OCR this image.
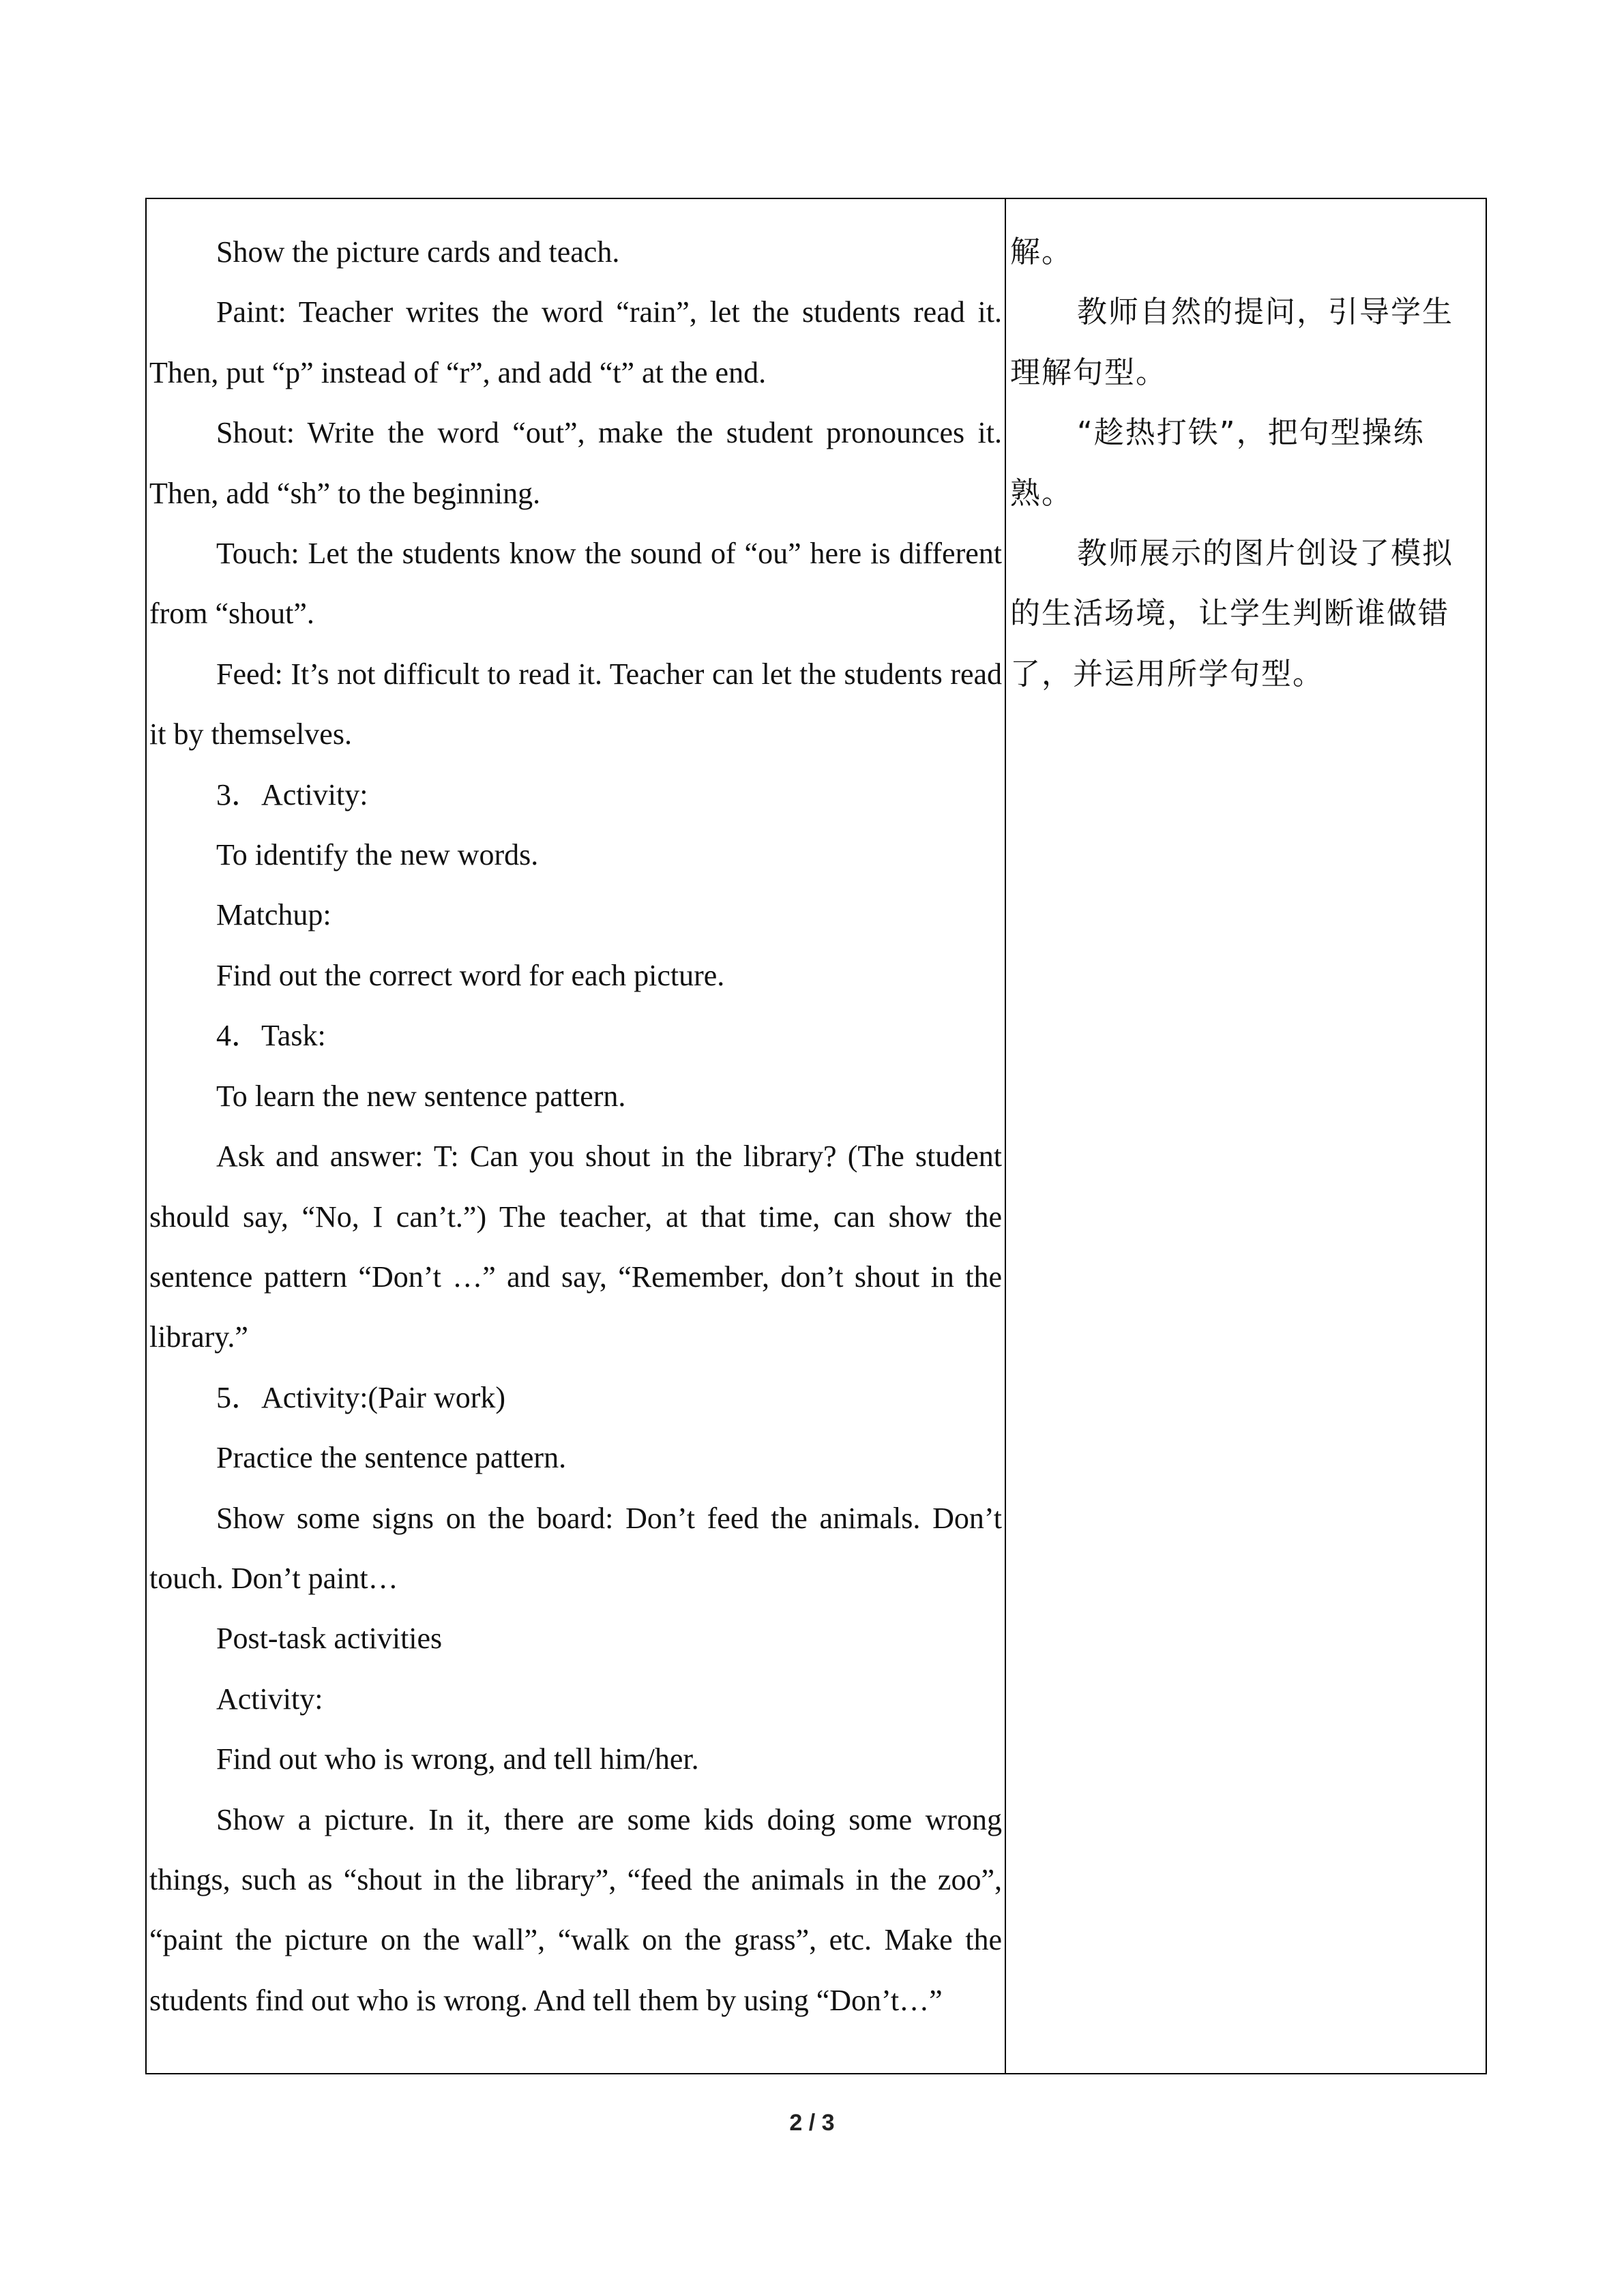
Show the picture cards and teach.

Paint: Teacher writes the word “rain”, let the students read it. Then, put “p” instead of “r”, and add “t” at the end.

Shout: Write the word “out”, make the student pronounces it. Then, add “sh” to the beginning.

Touch: Let the students know the sound of “ou” here is different from “shout”.

Feed: It’s not difficult to read it. Teacher can let the students read it by themselves.

3．Activity:

To identify the new words.

Matchup:

Find out the correct word for each picture.

4．Task:

To learn the new sentence pattern.

Ask and answer: T: Can you shout in the library? (The student should say, “No, I can’t.”) The teacher, at that time, can show the sentence pattern “Don’t …” and say, “Remember, don’t shout in the library.”

5．Activity:(Pair work)

Practice the sentence pattern.

Show some signs on the board: Don’t feed the animals. Don’t touch. Don’t paint…

Post-task activities

Activity:

Find out who is wrong, and tell him/her.

Show a picture. In it, there are some kids doing some wrong things, such as “shout in the library”, “feed the animals in the zoo”, “paint the picture on the wall”, “walk on the grass”, etc. Make the students find out who is wrong. And tell them by using “Don’t…”

解。

教师自然的提问，引导学生理解句型。

“趁热打铁”，把句型操练熟。

教师展示的图片创设了模拟的生活场境，让学生判断谁做错了，并运用所学句型。

2 / 3
